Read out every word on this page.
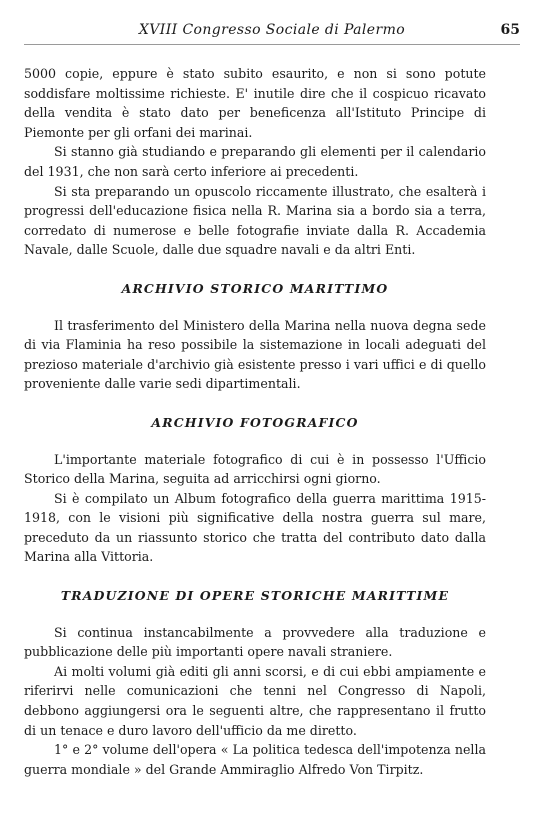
XVIII Congresso Sociale di Palermo	65

5000 copie, eppure è stato subito esaurito, e non si sono potute soddisfare moltissime richieste. E' inutile dire che il cospicuo ricavato della vendita è stato dato per beneficenza all'Istituto Principe di Piemonte per gli orfani dei marinai.

Si stanno già studiando e preparando gli elementi per il calendario del 1931, che non sarà certo inferiore ai precedenti.

Si sta preparando un opuscolo riccamente illustrato, che esalterà i progressi dell'educazione fisica nella R. Marina sia a bordo sia a terra, corredato di numerose e belle fotografie inviate dalla R. Accademia Navale, dalle Scuole, dalle due squadre navali e da altri Enti.

ARCHIVIO STORICO MARITTIMO

Il trasferimento del Ministero della Marina nella nuova degna sede di via Flaminia ha reso possibile la sistemazione in locali adeguati del prezioso materiale d'archivio già esistente presso i vari uffici e di quello proveniente dalle varie sedi dipartimentali.

ARCHIVIO FOTOGRAFICO

L'importante materiale fotografico di cui è in possesso l'Ufficio Storico della Marina, seguita ad arricchirsi ogni giorno.

Si è compilato un Album fotografico della guerra marittima 1915-1918, con le visioni più significative della nostra guerra sul mare, preceduto da un riassunto storico che tratta del contributo dato dalla Marina alla Vittoria.

TRADUZIONE DI OPERE STORICHE MARITTIME

Si continua instancabilmente a provvedere alla traduzione e pubblicazione delle più importanti opere navali straniere.

Ai molti volumi già editi gli anni scorsi, e di cui ebbi ampiamente e riferirvi nelle comunicazioni che tenni nel Congresso di Napoli, debbono aggiungersi ora le seguenti altre, che rappresentano il frutto di un tenace e duro lavoro dell'ufficio da me diretto.

1° e 2° volume dell'opera « La politica tedesca dell'impotenza nella guerra mondiale » del Grande Ammiraglio Alfredo Von Tirpitz.
